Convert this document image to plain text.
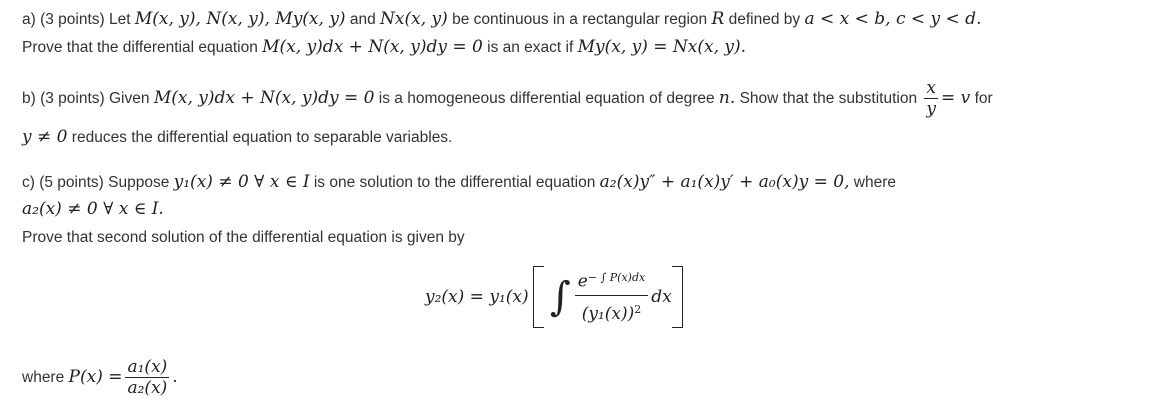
a) (3 points) Let M(x, y), N(x, y), My(x, y) and Nx(x, y) be continuous in a rectangular region R defined by a < x < b, c < y < d.
Prove that the differential equation M(x, y)dx + N(x, y)dy = 0 is an exact if My(x, y) = Nx(x, y).
b) (3 points) Given M(x, y)dx + N(x, y)dy = 0 is a homogeneous differential equation of degree n. Show that the substitution $\frac{x}{y} = v$ for
y ≠ 0 reduces the differential equation to separable variables.
c) (5 points) Suppose y₁(x) ≠ 0 ∀ x ∈ I is one solution to the differential equation a₂(x)y″ + a₁(x)y′ + a₀(x)y = 0, where
a₂(x) ≠ 0 ∀ x ∈ I.
Prove that second solution of the differential equation is given by
y₂(x) = y₁(x) ∫ $\frac{e^{- \int P(x)dx}}{(y_1(x))^2}$ dx
where $P(x) = \frac{\text{a₁(x)}}{\text{a₂(x)}}$ .
